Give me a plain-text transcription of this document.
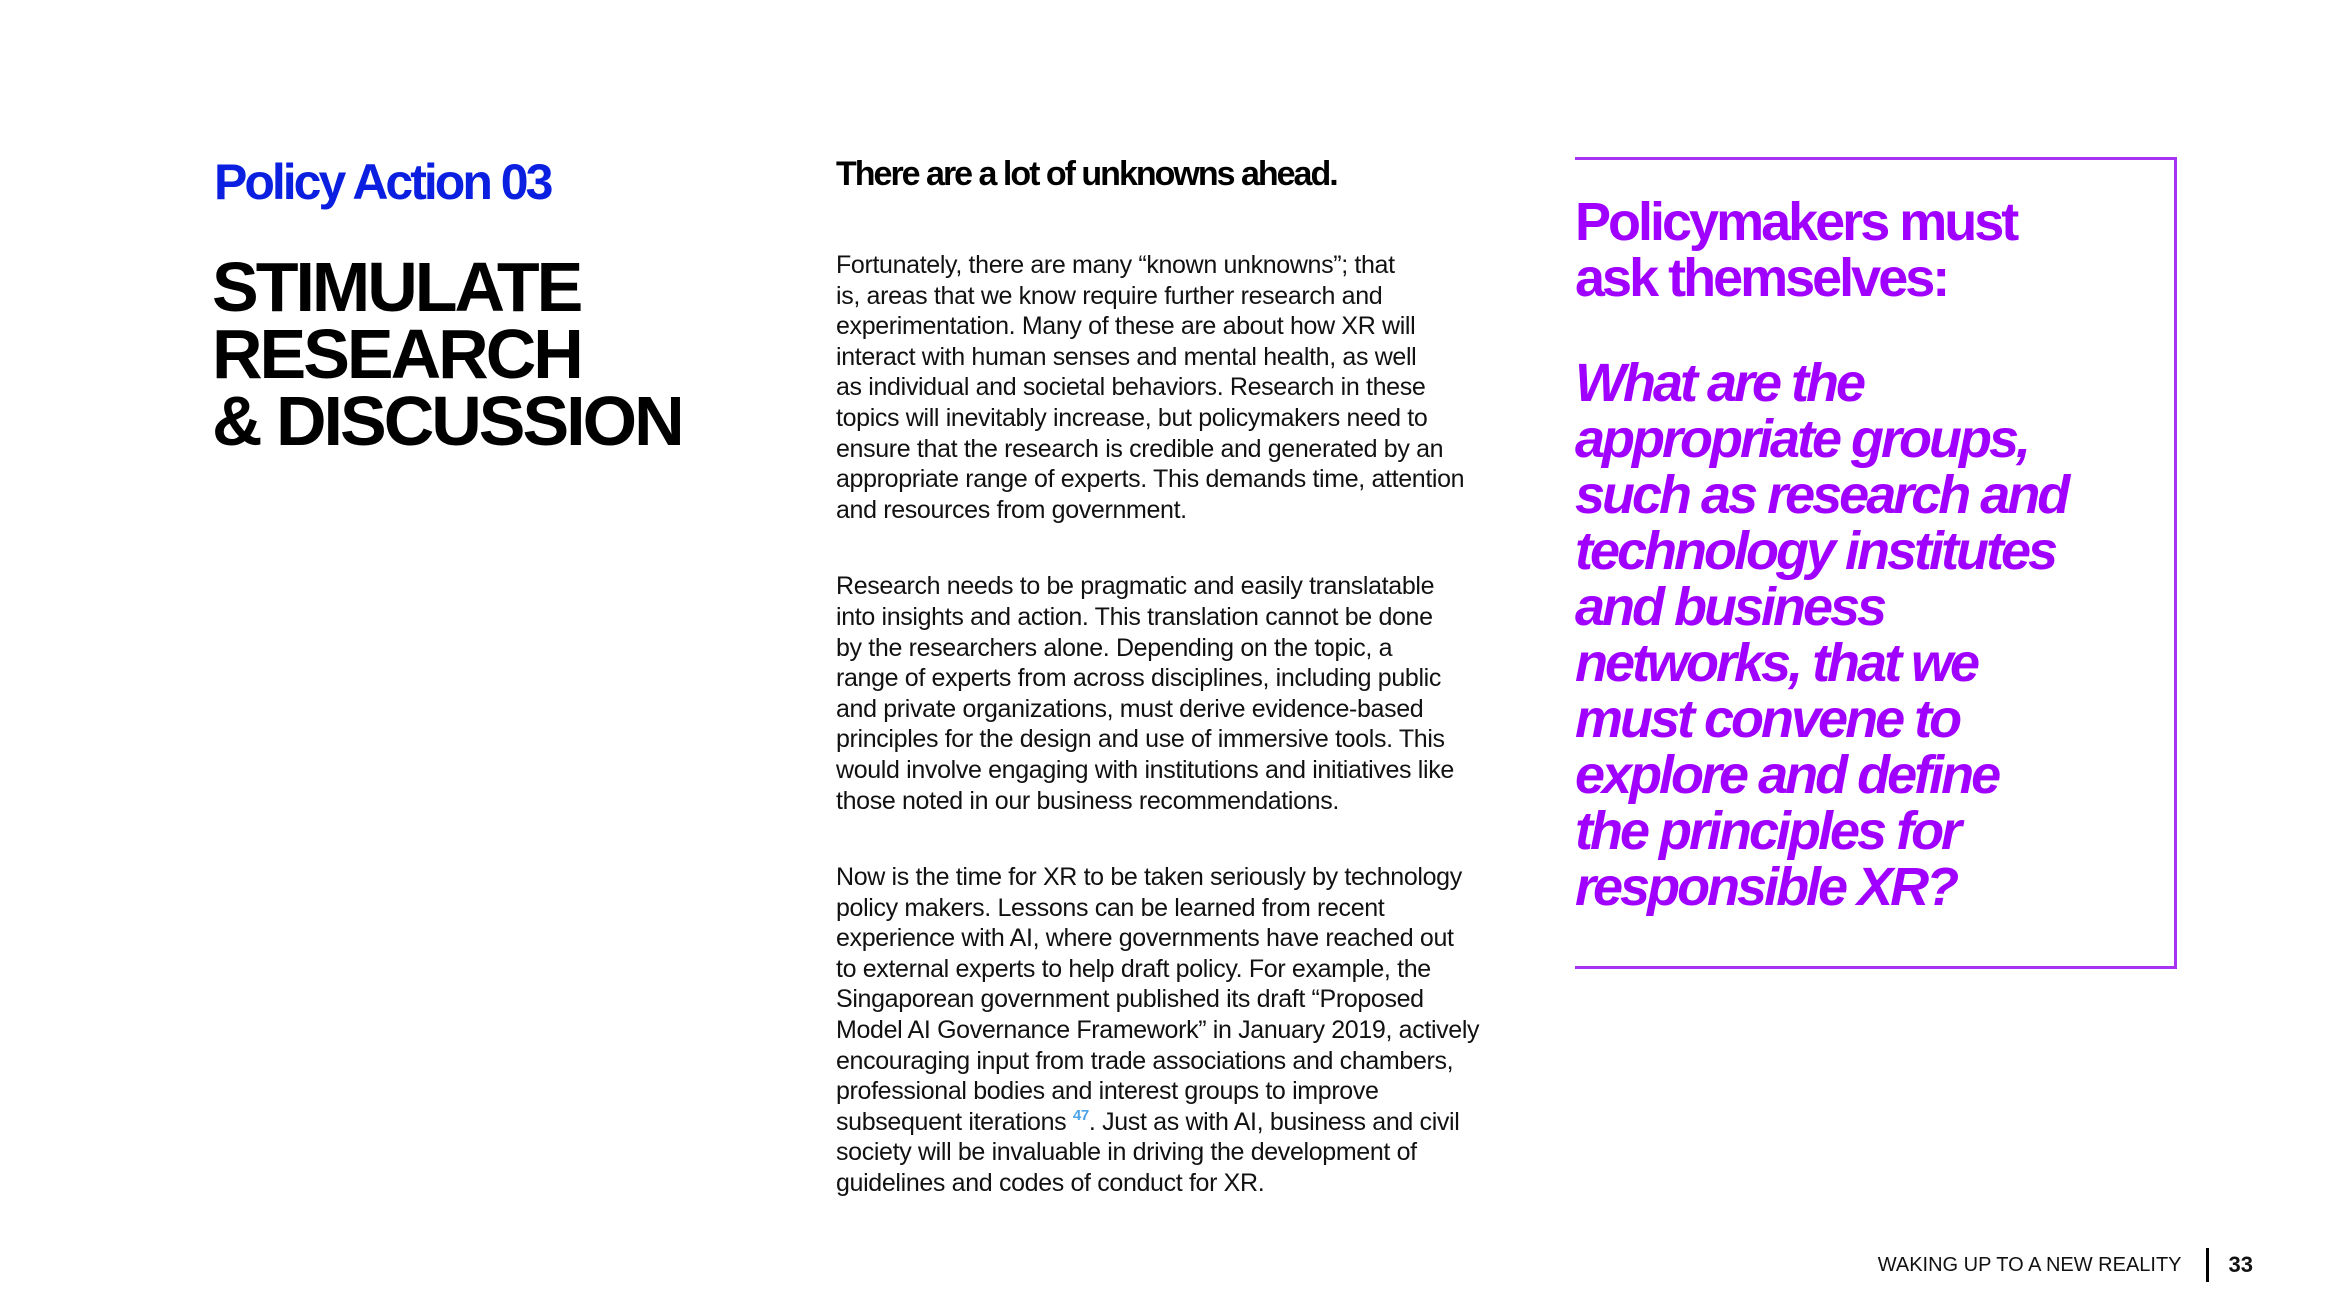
Policy Action 03
STIMULATE
RESEARCH
& DISCUSSION

There are a lot of unknowns ahead.

Fortunately, there are many “known unknowns”; that
is, areas that we know require further research and
experimentation. Many of these are about how XR will
interact with human senses and mental health, as well
as individual and societal behaviors. Research in these
topics will inevitably increase, but policymakers need to
ensure that the research is credible and generated by an
appropriate range of experts. This demands time, attention
and resources from government.

Research needs to be pragmatic and easily translatable
into insights and action. This translation cannot be done
by the researchers alone. Depending on the topic, a
range of experts from across disciplines, including public
and private organizations, must derive evidence-based
principles for the design and use of immersive tools. This
would involve engaging with institutions and initiatives like
those noted in our business recommendations.

Now is the time for XR to be taken seriously by technology
policy makers. Lessons can be learned from recent
experience with AI, where governments have reached out
to external experts to help draft policy. For example, the
Singaporean government published its draft “Proposed
Model AI Governance Framework” in January 2019, actively
encouraging input from trade associations and chambers,
professional bodies and interest groups to improve
subsequent iterations $^{47}$. Just as with AI, business and civil
society will be invaluable in driving the development of
guidelines and codes of conduct for XR.

Policymakers must
ask themselves:

What are the
appropriate groups,
such as research and
technology institutes
and business
networks, that we
must convene to
explore and define
the principles for
responsible XR?

WAKING UP TO A NEW REALITY 33
